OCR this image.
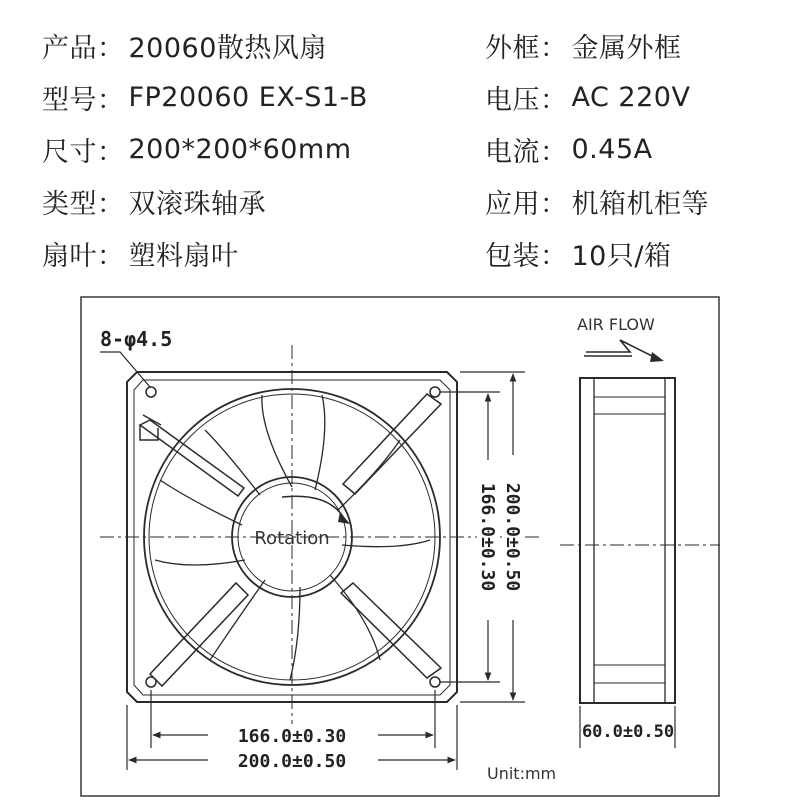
产品： 20060散热风扇
型号： FP20060 EX-S1-B
尺寸： 200*200*60mm
类型： 双滚珠轴承
扇叶： 塑料扇叶
外框： 金属外框
电压： AC 220V
电流： 0.45A
应用： 机箱机柜等
包装： 10只/箱
8-φ4.5
Rotation
166.0±0.30
200.0±0.50
166.0±0.30 200.0±0.50
60.0±0.50
AIR FLOW
Unit:mm
